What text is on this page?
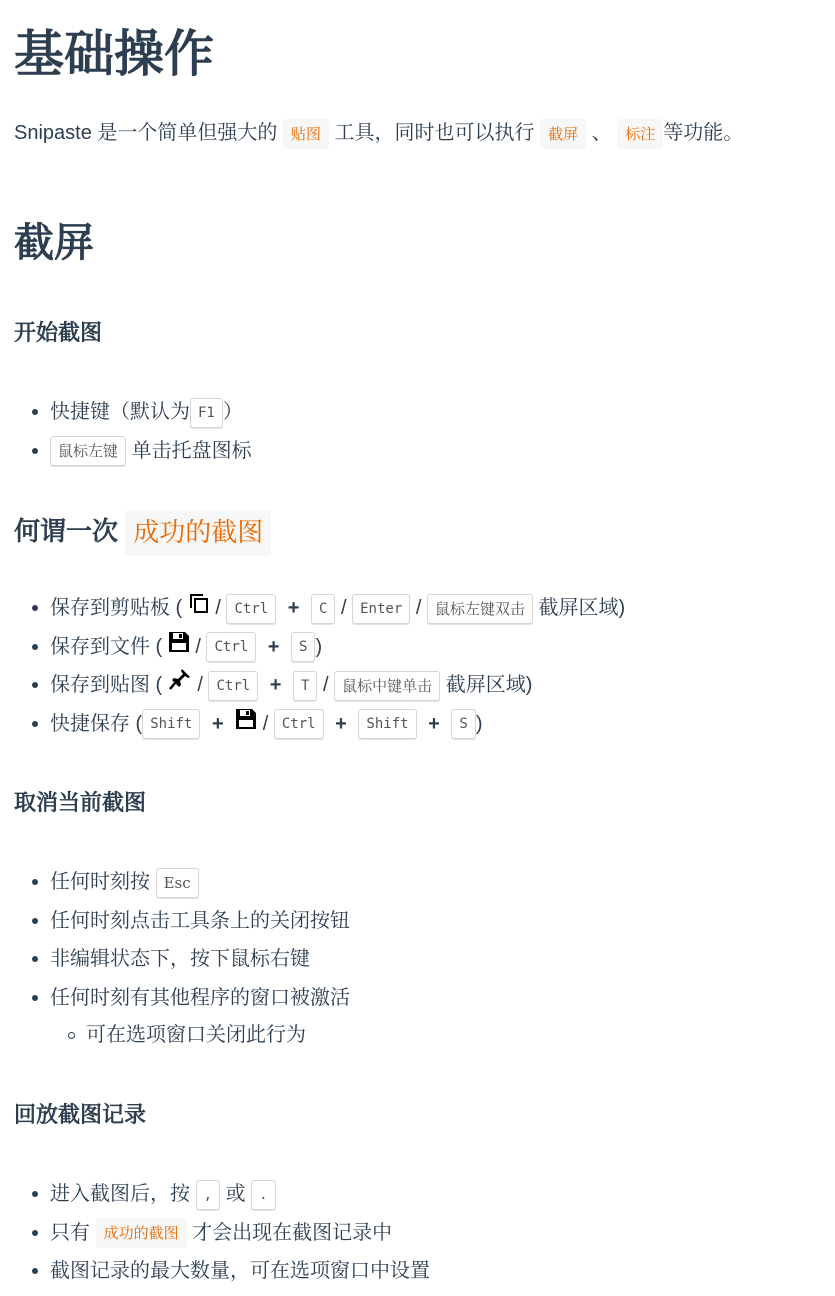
基础操作

Snipaste 是一个简单但强大的 贴图 工具，同时也可以执行 截屏 、 标注 等功能。

截屏
开始截图
快捷键（默认为 F1 ）
鼠标左键 单击托盘图标
何谓一次 成功的截图
保存到剪贴板 ( / Ctrl + C / Enter / 鼠标左键双击 截屏区域)
保存到文件 ( / Ctrl + S )
保存到贴图 ( / Ctrl + T / 鼠标中键单击 截屏区域)
快捷保存 ( Shift + / Ctrl + Shift + S )
取消当前截图
任何时刻按 Esc
任何时刻点击工具条上的关闭按钮
非编辑状态下，按下鼠标右键
任何时刻有其他程序的窗口被激活
可在选项窗口关闭此行为
回放截图记录
进入截图后，按 , 或 .
只有 成功的截图 才会出现在截图记录中
截图记录的最大数量，可在选项窗口中设置
